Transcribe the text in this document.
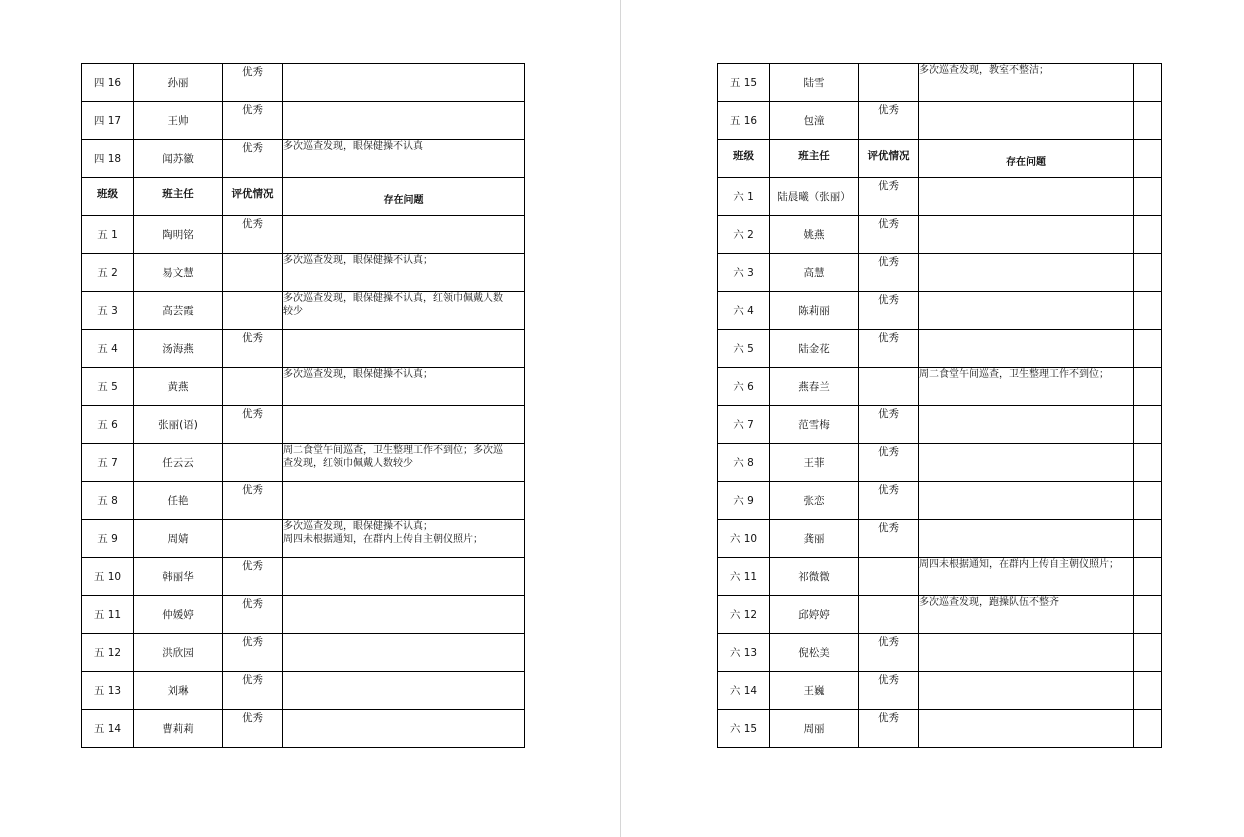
四 16	孙丽	优秀	
四 17	王帅	优秀	
四 18	闻苏徽	优秀	多次巡查发现，眼保健操不认真
班级	班主任	评优情况	存在问题
五 1	陶明铭	优秀	
五 2	易文慧		多次巡查发现，眼保健操不认真；
五 3	高芸霞		多次巡查发现，眼保健操不认真，红领巾佩戴人数
较少
五 4	汤海燕	优秀	
五 5	黄燕		多次巡查发现，眼保健操不认真；
五 6	张丽(语)	优秀	
五 7	任云云		周二食堂午间巡查，卫生整理工作不到位；多次巡
查发现，红领巾佩戴人数较少
五 8	任艳	优秀	
五 9	周婧		多次巡查发现，眼保健操不认真；
周四未根据通知，在群内上传自主朝仪照片；
五 10	韩丽华	优秀	
五 11	仲媛婷	优秀	
五 12	洪欣园	优秀	
五 13	刘琳	优秀	
五 14	曹莉莉	优秀	
五 15	陆雪		多次巡查发现，教室不整洁；	
五 16	包潼	优秀		
班级	班主任	评优情况	存在问题	
六 1	陆晨曦（张丽）	优秀		
六 2	姚燕	优秀		
六 3	高慧	优秀		
六 4	陈莉丽	优秀		
六 5	陆金花	优秀		
六 6	燕春兰		周二食堂午间巡查，卫生整理工作不到位；	
六 7	范雪梅	优秀		
六 8	王菲	优秀		
六 9	张恋	优秀		
六 10	龚丽	优秀		
六 11	祁微微		周四未根据通知，在群内上传自主朝仪照片；	
六 12	邱婷婷		多次巡查发现，跑操队伍不整齐	
六 13	倪松美	优秀		
六 14	王巍	优秀		
六 15	周丽	优秀		
